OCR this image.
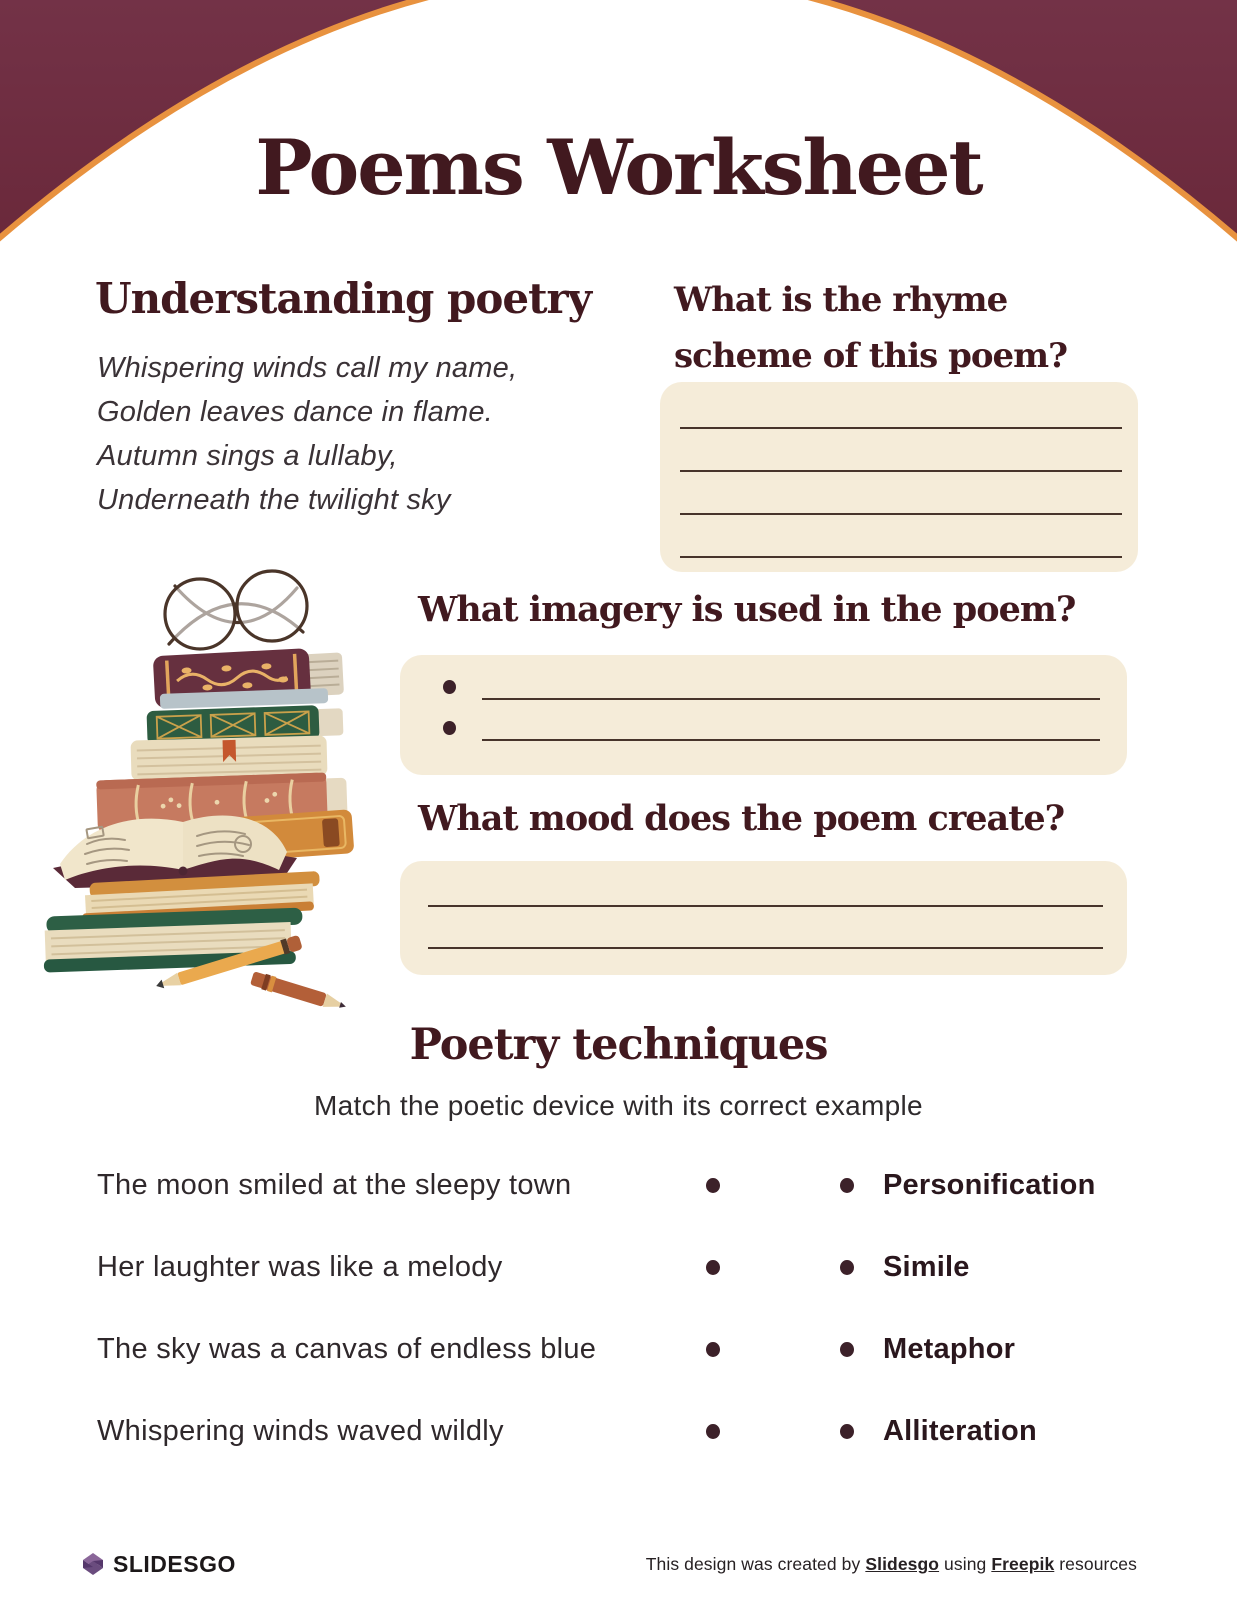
Poems Worksheet
Understanding poetry
Whispering winds call my name,
Golden leaves dance in flame.
Autumn sings a lullaby,
Underneath the twilight sky
What is the rhyme scheme of this poem?
What imagery is used in the poem?
What mood does the poem create?
Poetry techniques
Match the poetic device with its correct example
The moon smiled at the sleepy town	Personification
Her laughter was like a melody	Simile
The sky was a canvas of endless blue	Metaphor
Whispering winds waved wildly	Alliteration
SLIDESGO	This design was created by Slidesgo using Freepik resources
